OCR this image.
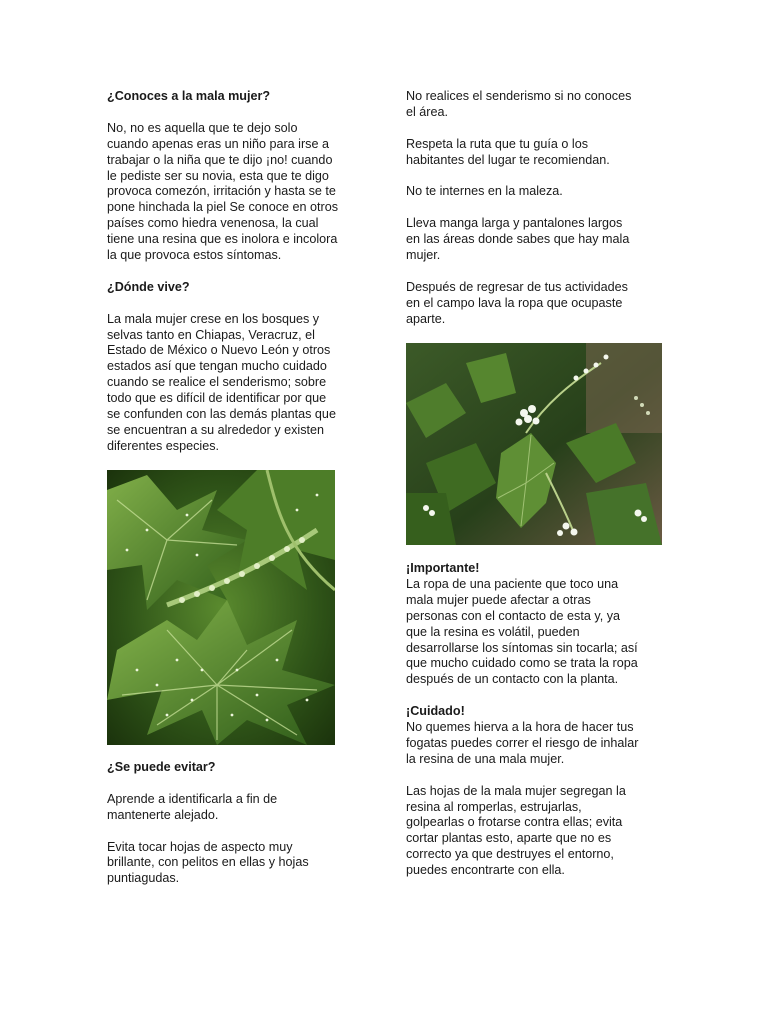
¿Conoces a la mala mujer?

No, no es aquella que te dejo solo
cuando apenas eras un niño para irse a
trabajar o la niña que te dijo ¡no! cuando
le pediste ser su novia, esta que te digo
provoca comezón, irritación y hasta se te
pone hinchada la piel Se conoce en otros
países como hiedra venenosa, la cual
tiene una resina que es inolora e incolora
la que provoca estos síntomas.

¿Dónde vive?

La mala mujer crese en los bosques y
selvas tanto en Chiapas, Veracruz, el
Estado de México o Nuevo León y otros
estados así que tengan mucho cuidado
cuando se realice el senderismo; sobre
todo que es difícil de identificar por que
se confunden con las demás plantas que
se encuentran a su alrededor y existen
diferentes especies.

¿Se puede evitar?

Aprende a identificarla a fin de
mantenerte alejado.

Evita tocar hojas de aspecto muy
brillante, con pelitos en ellas y hojas
puntiagudas.

No realices el senderismo si no conoces
el área.

Respeta la ruta que tu guía o los
habitantes del lugar te recomiendan.

No te internes en la maleza.

Lleva manga larga y pantalones largos
en las áreas donde sabes que hay mala
mujer.

Después de regresar de tus actividades
en el campo lava la ropa que ocupaste
aparte.

¡Importante!

La ropa de una paciente que toco una
mala mujer puede afectar a otras
personas con el contacto de esta y, ya
que la resina es volátil, pueden
desarrollarse los síntomas sin tocarla; así
que mucho cuidado como se trata la ropa
después de un contacto con la planta.

¡Cuidado!

No quemes hierva a la hora de hacer tus
fogatas puedes correr el riesgo de inhalar
la resina de una mala mujer.

Las hojas de la mala mujer segregan la
resina al romperlas, estrujarlas,
golpearlas o frotarse contra ellas; evita
cortar plantas esto, aparte que no es
correcto ya que destruyes el entorno,
puedes encontrarte con ella.
